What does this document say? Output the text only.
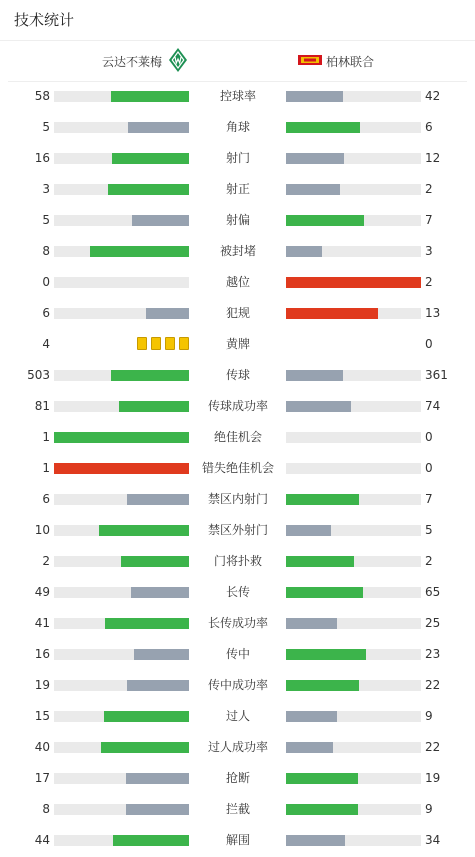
技术统计
云达不莱梅	柏林联合
58	控球率	42
5	角球	6
16	射门	12
3	射正	2
5	射偏	7
8	被封堵	3
0	越位	2
6	犯规	13
4	黄牌	0
503	传球	361
81	传球成功率	74
1	绝佳机会	0
1	错失绝佳机会	0
6	禁区内射门	7
10	禁区外射门	5
2	门将扑救	2
49	长传	65
41	长传成功率	25
16	传中	23
19	传中成功率	22
15	过人	9
40	过人成功率	22
17	抢断	19
8	拦截	9
44	解围	34
